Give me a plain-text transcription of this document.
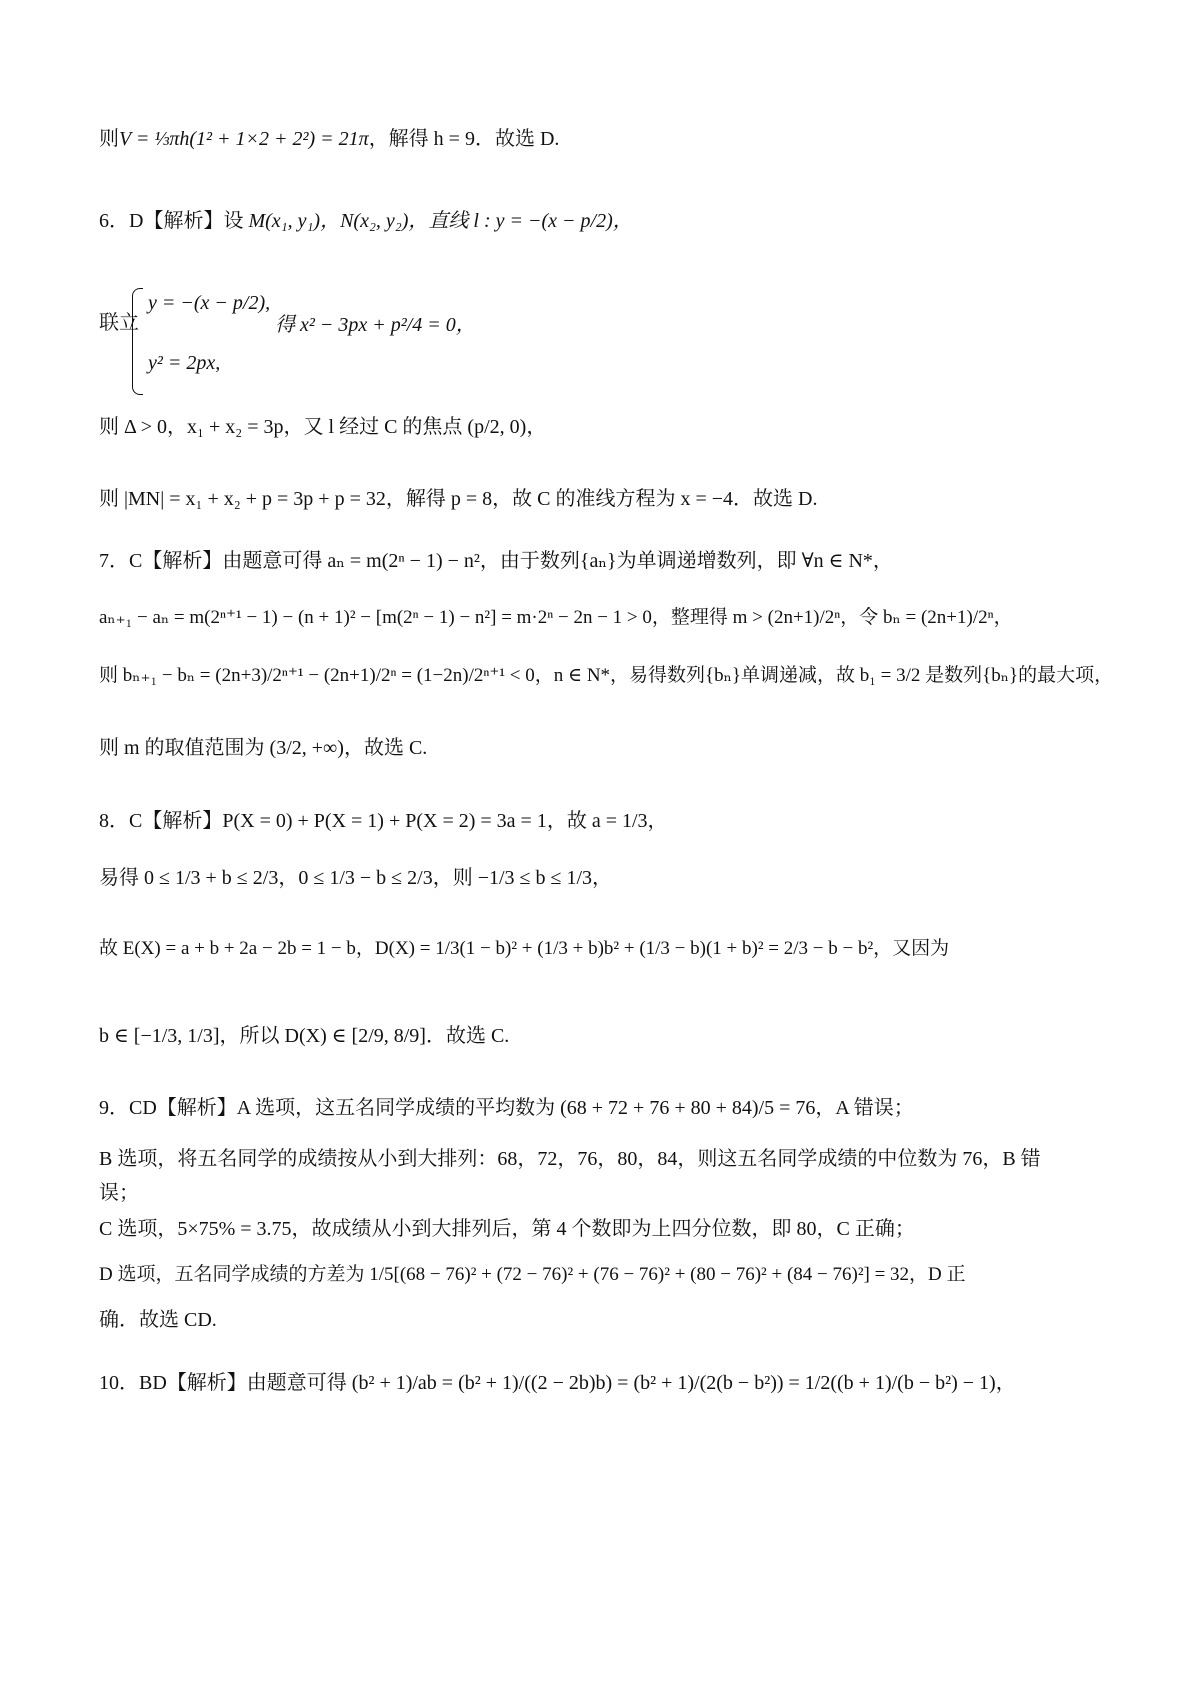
则V = ⅓πh(1² + 1×2 + 2²) = 21π，解得 h = 9．故选 D.
6．D【解析】设 M(x₁, y₁)，N(x₂, y₂)，直线 l : y = −(x − p/2)，
联立
y = −(x − p/2),
y² = 2px,
得 x² − 3px + p²/4 = 0，
则 Δ > 0，x₁ + x₂ = 3p，又 l 经过 C 的焦点 (p/2, 0)，
则 |MN| = x₁ + x₂ + p = 3p + p = 32，解得 p = 8，故 C 的准线方程为 x = −4．故选 D.
7．C【解析】由题意可得 aₙ = m(2ⁿ − 1) − n²，由于数列{aₙ}为单调递增数列，即 ∀n ∈ N*，
aₙ₊₁ − aₙ = m(2ⁿ⁺¹ − 1) − (n + 1)² − [m(2ⁿ − 1) − n²] = m·2ⁿ − 2n − 1 > 0，整理得 m > (2n+1)/2ⁿ，令 bₙ = (2n+1)/2ⁿ，
则 bₙ₊₁ − bₙ = (2n+3)/2ⁿ⁺¹ − (2n+1)/2ⁿ = (1−2n)/2ⁿ⁺¹ < 0，n ∈ N*，易得数列{bₙ}单调递减，故 b₁ = 3/2 是数列{bₙ}的最大项，
则 m 的取值范围为 (3/2, +∞)，故选 C.
8．C【解析】P(X = 0) + P(X = 1) + P(X = 2) = 3a = 1，故 a = 1/3，
易得 0 ≤ 1/3 + b ≤ 2/3，0 ≤ 1/3 − b ≤ 2/3，则 −1/3 ≤ b ≤ 1/3，
故 E(X) = a + b + 2a − 2b = 1 − b，D(X) = 1/3(1 − b)² + (1/3 + b)b² + (1/3 − b)(1 + b)² = 2/3 − b − b²，又因为
b ∈ [−1/3, 1/3]，所以 D(X) ∈ [2/9, 8/9]．故选 C.
9．CD【解析】A 选项，这五名同学成绩的平均数为 (68 + 72 + 76 + 80 + 84)/5 = 76，A 错误；
B 选项，将五名同学的成绩按从小到大排列：68，72，76，80，84，则这五名同学成绩的中位数为 76，B 错
误；
C 选项，5×75% = 3.75，故成绩从小到大排列后，第 4 个数即为上四分位数，即 80，C 正确；
D 选项，五名同学成绩的方差为 1/5[(68 − 76)² + (72 − 76)² + (76 − 76)² + (80 − 76)² + (84 − 76)²] = 32，D 正
确．故选 CD.
10．BD【解析】由题意可得 (b² + 1)/ab = (b² + 1)/((2 − 2b)b) = (b² + 1)/(2(b − b²)) = 1/2((b + 1)/(b − b²) − 1)，
